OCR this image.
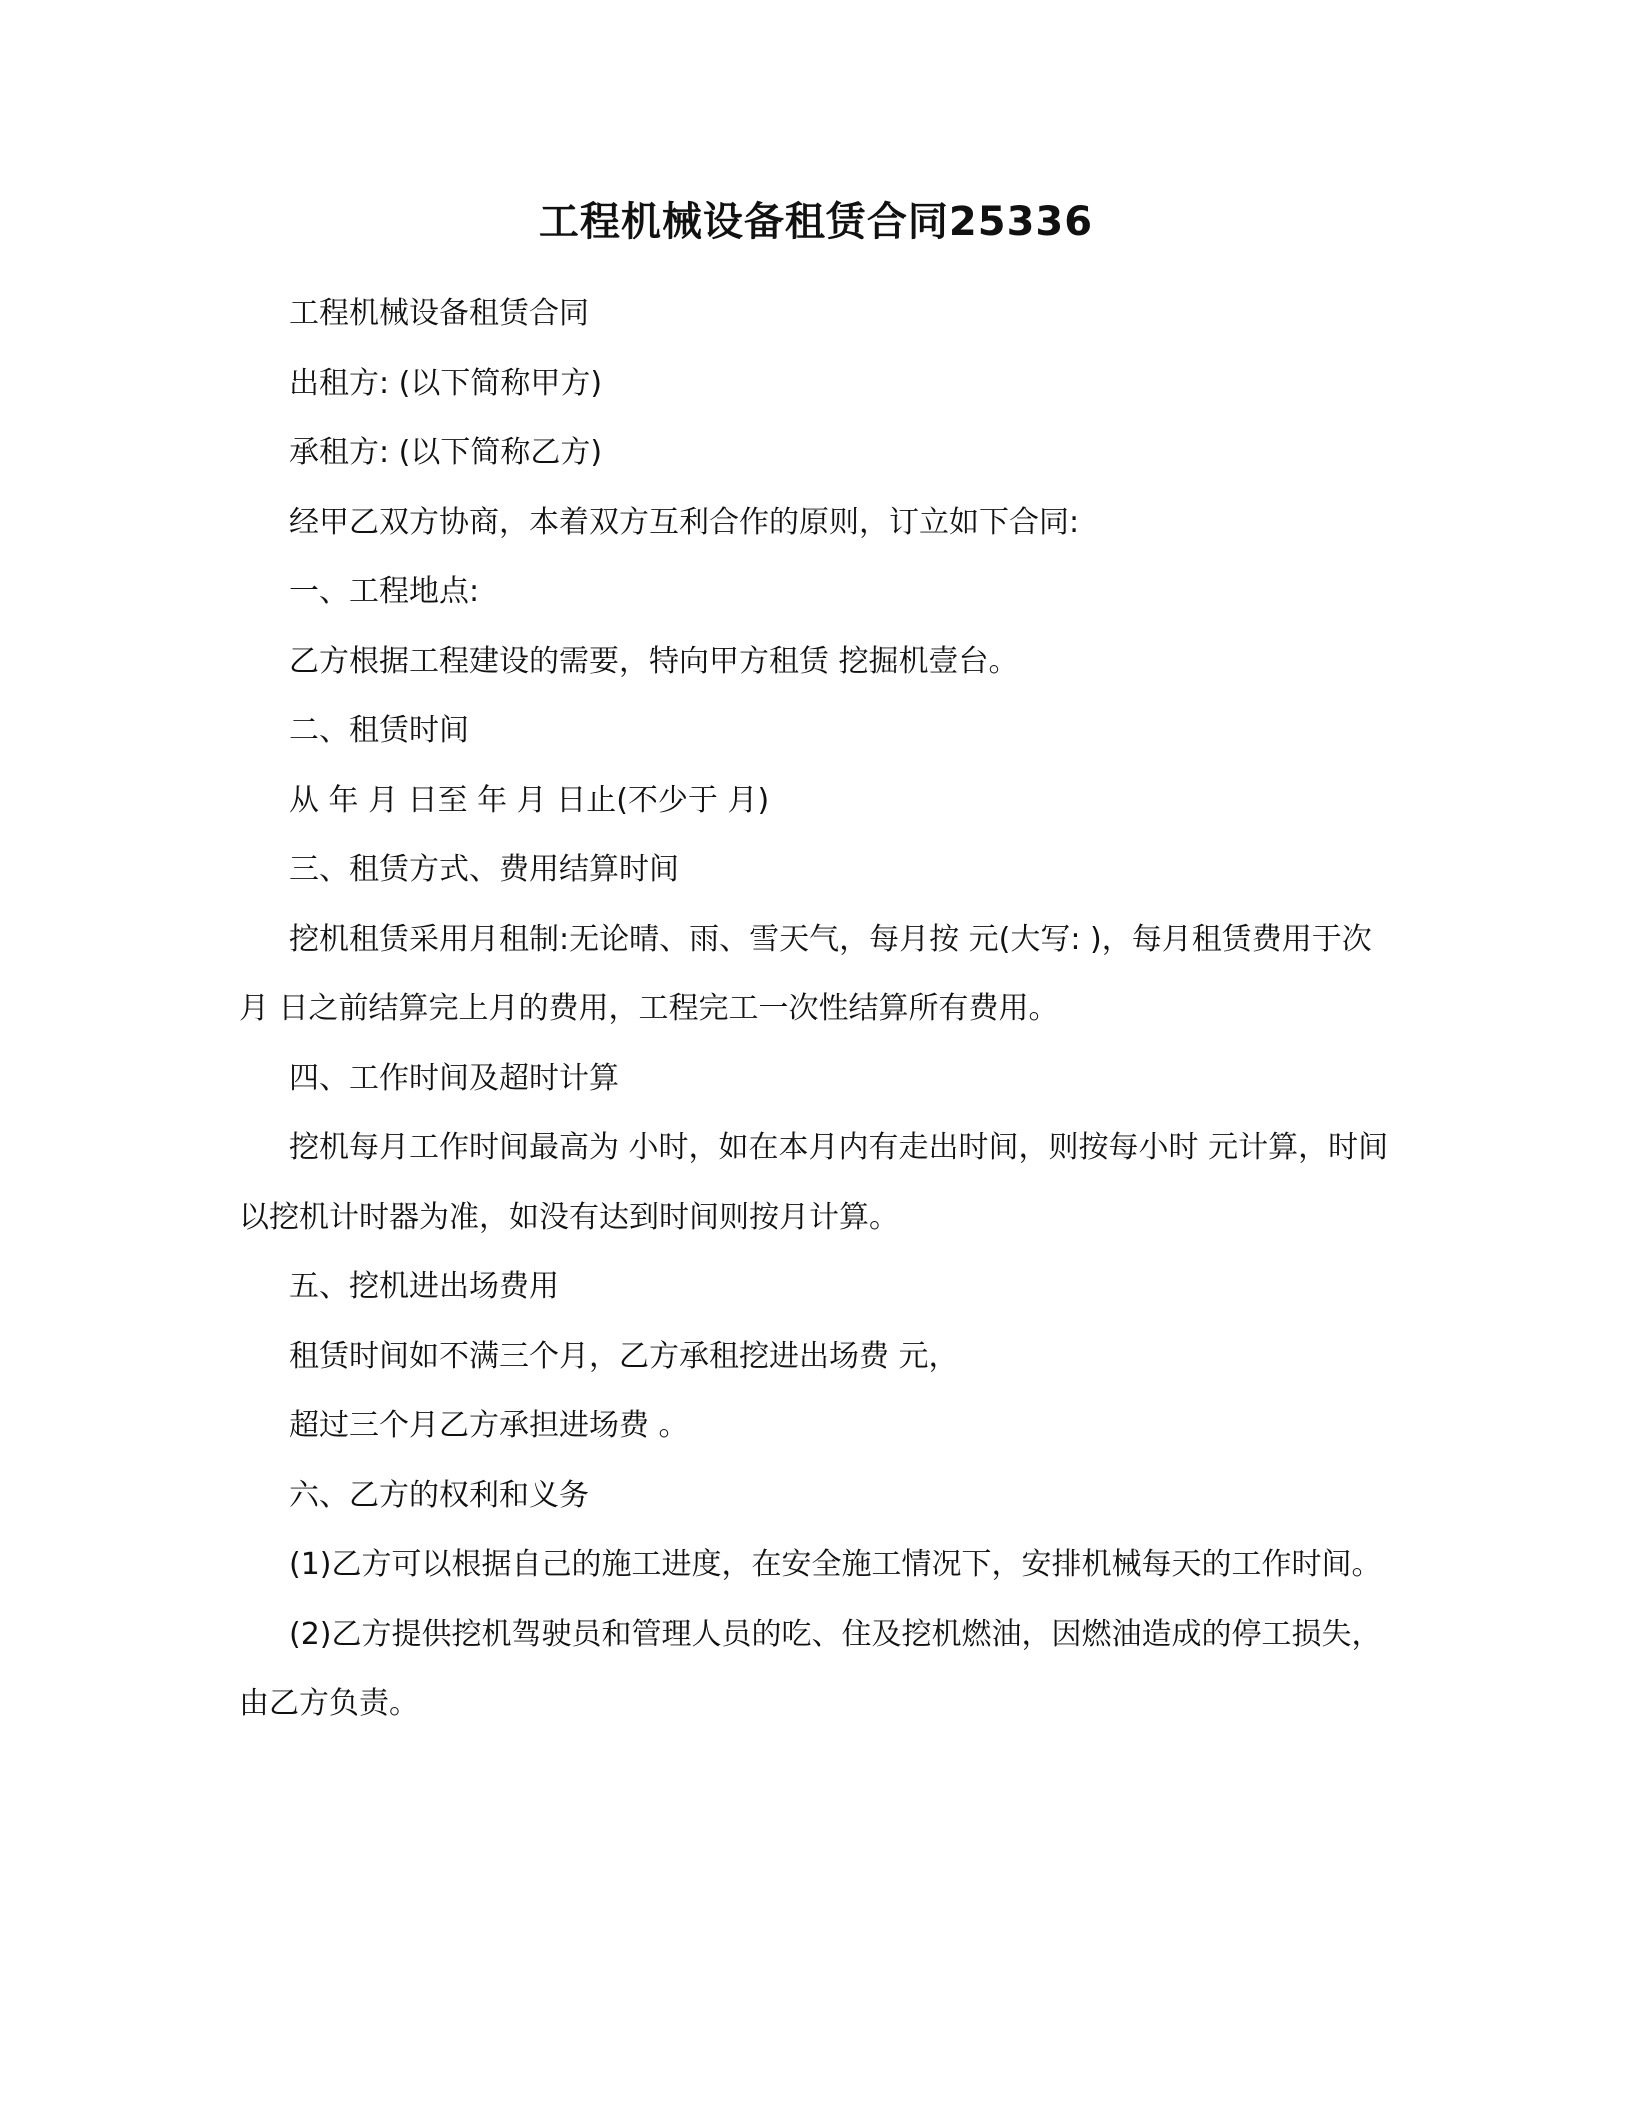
工程机械设备租赁合同25336

工程机械设备租赁合同

出租方: (以下简称甲方)

承租方: (以下简称乙方)

经甲乙双方协商，本着双方互利合作的原则，订立如下合同:

一、工程地点:

乙方根据工程建设的需要，特向甲方租赁 挖掘机壹台。

二、租赁时间

从 年 月 日至 年 月 日止(不少于 月)

三、租赁方式、费用结算时间

挖机租赁采用月租制:无论晴、雨、雪天气，每月按 元(大写: )，每月租赁费用于次月 日之前结算完上月的费用，工程完工一次性结算所有费用。

四、工作时间及超时计算

挖机每月工作时间最高为 小时，如在本月内有走出时间，则按每小时 元计算，时间以挖机计时器为准，如没有达到时间则按月计算。

五、挖机进出场费用

租赁时间如不满三个月，乙方承租挖进出场费 元，

超过三个月乙方承担进场费 。

六、乙方的权利和义务

(1)乙方可以根据自己的施工进度，在安全施工情况下，安排机械每天的工作时间。

(2)乙方提供挖机驾驶员和管理人员的吃、住及挖机燃油，因燃油造成的停工损失，由乙方负责。
